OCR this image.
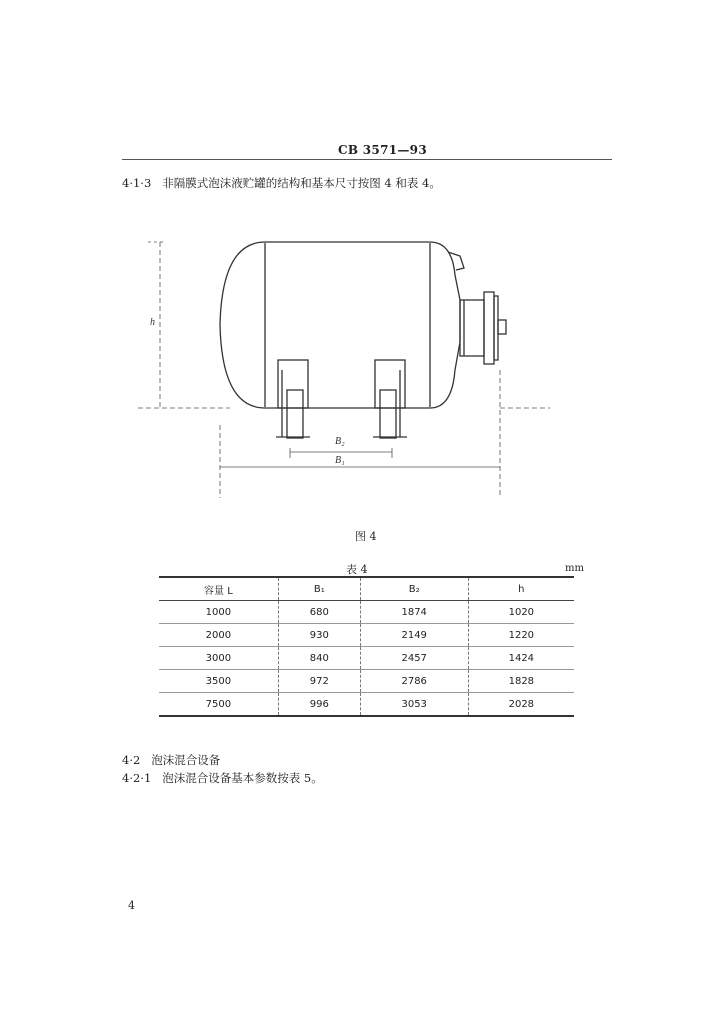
CB 3571—93
4·1·3 非隔膜式泡沫液贮罐的结构和基本尺寸按图 4 和表 4。
h
B₂
B₁
图 4
表 4	mm
容量 L	B₁	B₂	h
1000	680	1874	1020
2000	930	2149	1220
3000	840	2457	1424
3500	972	2786	1828
7500	996	3053	2028
4·2 泡沫混合设备
4·2·1 泡沫混合设备基本参数按表 5。
4
